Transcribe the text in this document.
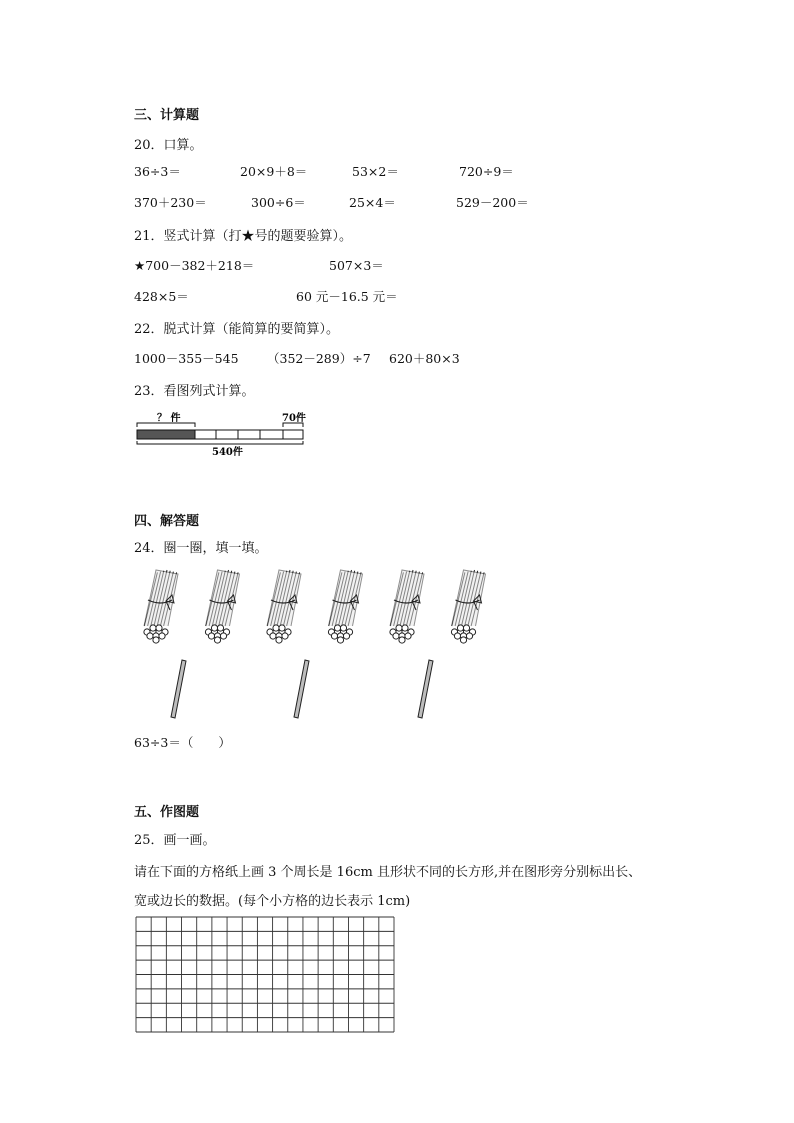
三、计算题
20．口算。
36÷3＝	20×9＋8＝	53×2＝	720÷9＝
370＋230＝	300÷6＝	25×4＝	529－200＝
21．竖式计算（打★号的题要验算）。
★700－382＋218＝	507×3＝
428×5＝	60 元－16.5 元＝
22．脱式计算（能简算的要简算）。
1000－355－545 （352－289）÷7 620＋80×3
23．看图列式计算。
？ 件	70件
540件
四、解答题
24．圈一圈，填一填。
63÷3＝（　　）
五、作图题
25．画一画。
请在下面的方格纸上画 3 个周长是 16cm 且形状不同的长方形,并在图形旁分别标出长、
宽或边长的数据。(每个小方格的边长表示 1cm)
